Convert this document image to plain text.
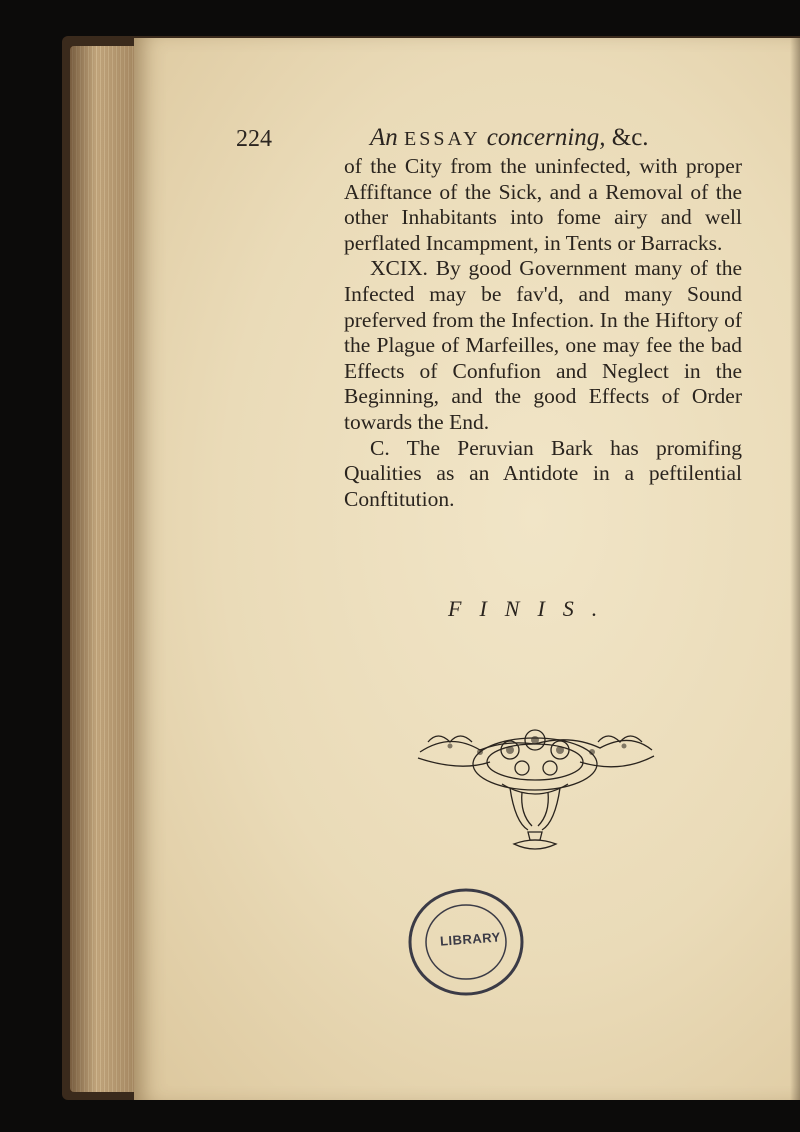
224	An ESSAY concerning, &c.

of the City from the uninfected, with proper Affiftance of the Sick, and a Removal of the other Inhabitants into fome airy and well perflated Incampment, in Tents or Barracks.

XCIX. By good Government many of the Infected may be fav'd, and many Sound preferved from the Infection. In the Hiftory of the Plague of Marfeilles, one may fee the bad Effects of Confufion and Neglect in the Beginning, and the good Effects of Order towards the End.

C. The Peruvian Bark has promifing Qualities as an Antidote in a peftilential Conftitution.

FINIS.
LIBRARY
